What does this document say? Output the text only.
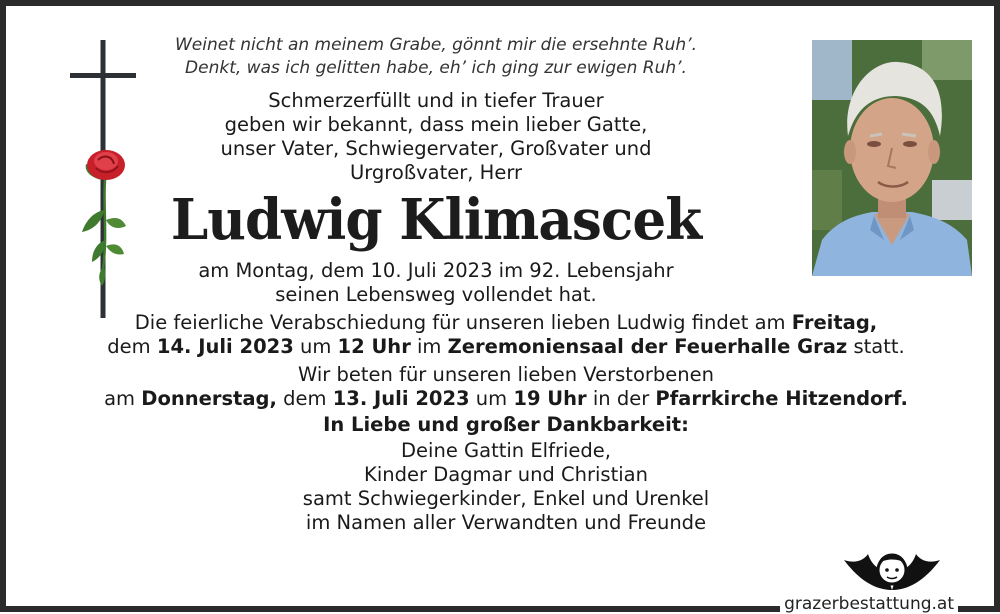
Weinet nicht an meinem Grabe, gönnt mir die ersehnte Ruh’.
Denkt, was ich gelitten habe, eh’ ich ging zur ewigen Ruh’.
Schmerzerfüllt und in tiefer Trauer
geben wir bekannt, dass mein lieber Gatte,
unser Vater, Schwiegervater, Großvater und
Urgroßvater, Herr
Ludwig Klimascek
am Montag, dem 10. Juli 2023 im 92. Lebensjahr
seinen Lebensweg vollendet hat.
Die feierliche Verabschiedung für unseren lieben Ludwig findet am Freitag,
dem 14. Juli 2023 um 12 Uhr im Zeremoniensaal der Feuerhalle Graz statt.
Wir beten für unseren lieben Verstorbenen
am Donnerstag, dem 13. Juli 2023 um 19 Uhr in der Pfarrkirche Hitzendorf.
In Liebe und großer Dankbarkeit:
Deine Gattin Elfriede,
Kinder Dagmar und Christian
samt Schwiegerkinder, Enkel und Urenkel
im Namen aller Verwandten und Freunde
grazerbestattung.at
